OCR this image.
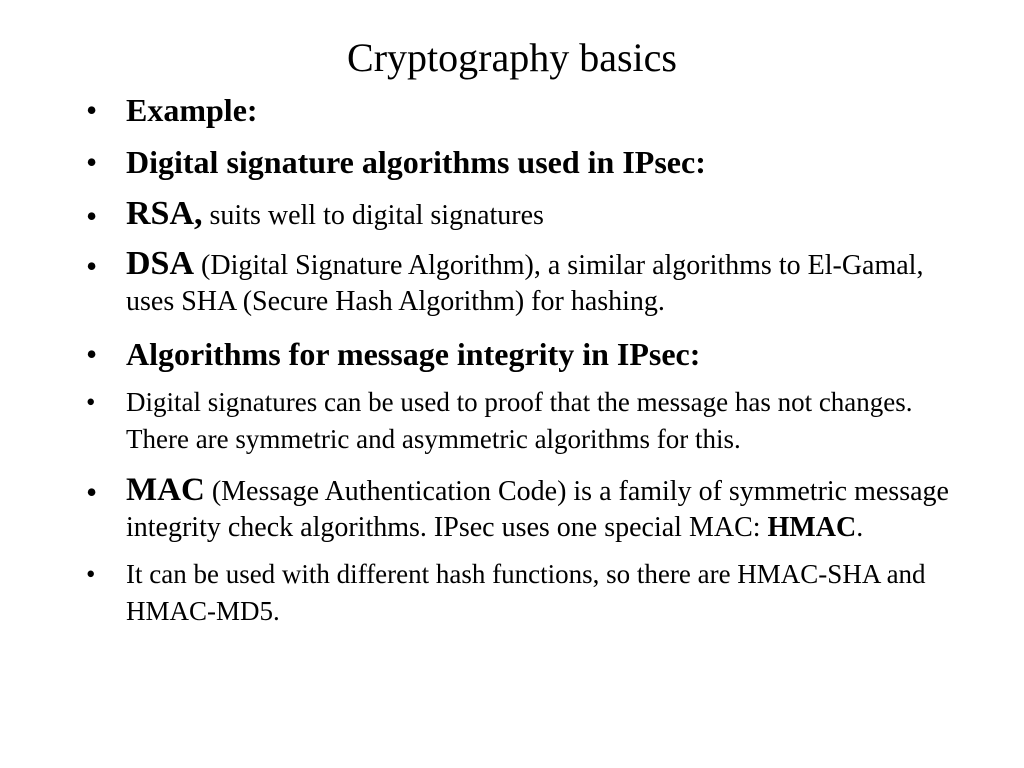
Cryptography basics
• Example:
• Digital signature algorithms used in IPsec:
• RSA, suits well to digital signatures
• DSA (Digital Signature Algorithm), a similar algorithms to El-Gamal, uses SHA (Secure Hash Algorithm) for hashing.
• Algorithms for message integrity in IPsec:
• Digital signatures can be used to proof that the message has not changes. There are symmetric and asymmetric algorithms for this.
• MAC (Message Authentication Code) is a family of symmetric message integrity check algorithms. IPsec uses one special MAC: HMAC.
• It can be used with different hash functions, so there are HMAC-SHA and HMAC-MD5.
